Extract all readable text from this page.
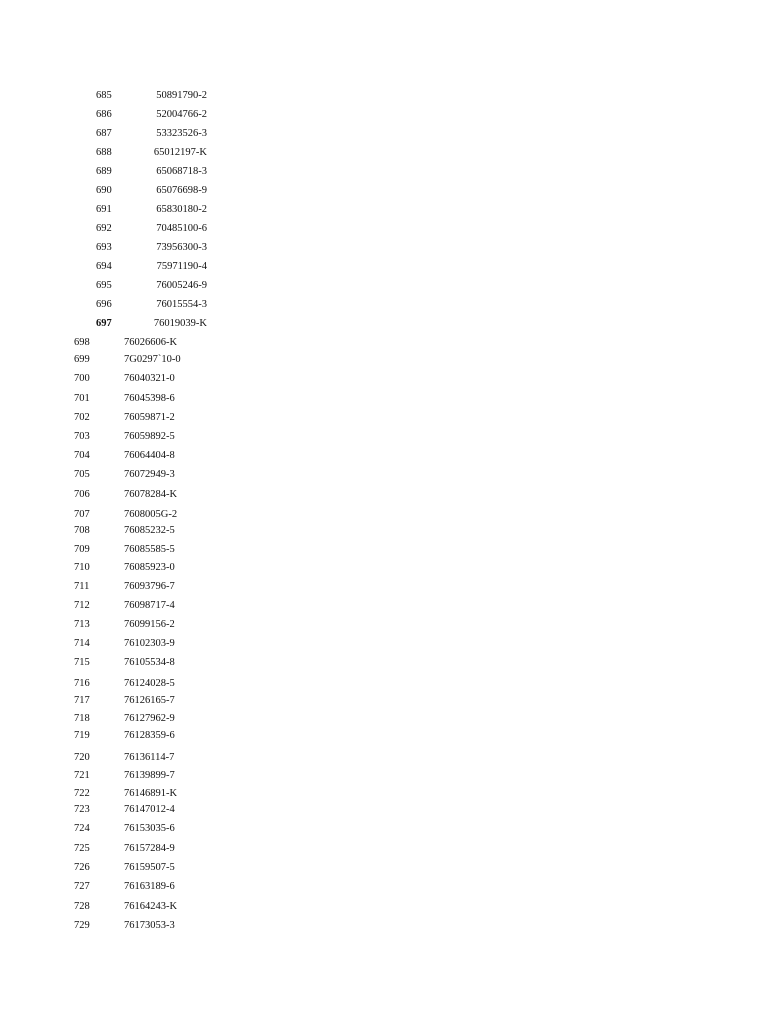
685	50891790-2
686	52004766-2
687	53323526-3
688	65012197-K
689	65068718-3
690	65076698-9
691	65830180-2
692	70485100-6
693	73956300-3
694	75971190-4
695	76005246-9
696	76015554-3
697	76019039-K
698	76026606-K
699	7G0297`10-0
700	76040321-0
701	76045398-6
702	76059871-2
703	76059892-5
704	76064404-8
705	76072949-3
706	76078284-K
707	7608005G-2
708	76085232-5
709	76085585-5
710	76085923-0
711	76093796-7
712	76098717-4
713	76099156-2
714	76102303-9
715	76105534-8
716	76124028-5
717	76126165-7
718	76127962-9
719	76128359-6
720	76136114-7
721	76139899-7
722	76146891-K
723	76147012-4
724	76153035-6
725	76157284-9
726	76159507-5
727	76163189-6
728	76164243-K
729	76173053-3
